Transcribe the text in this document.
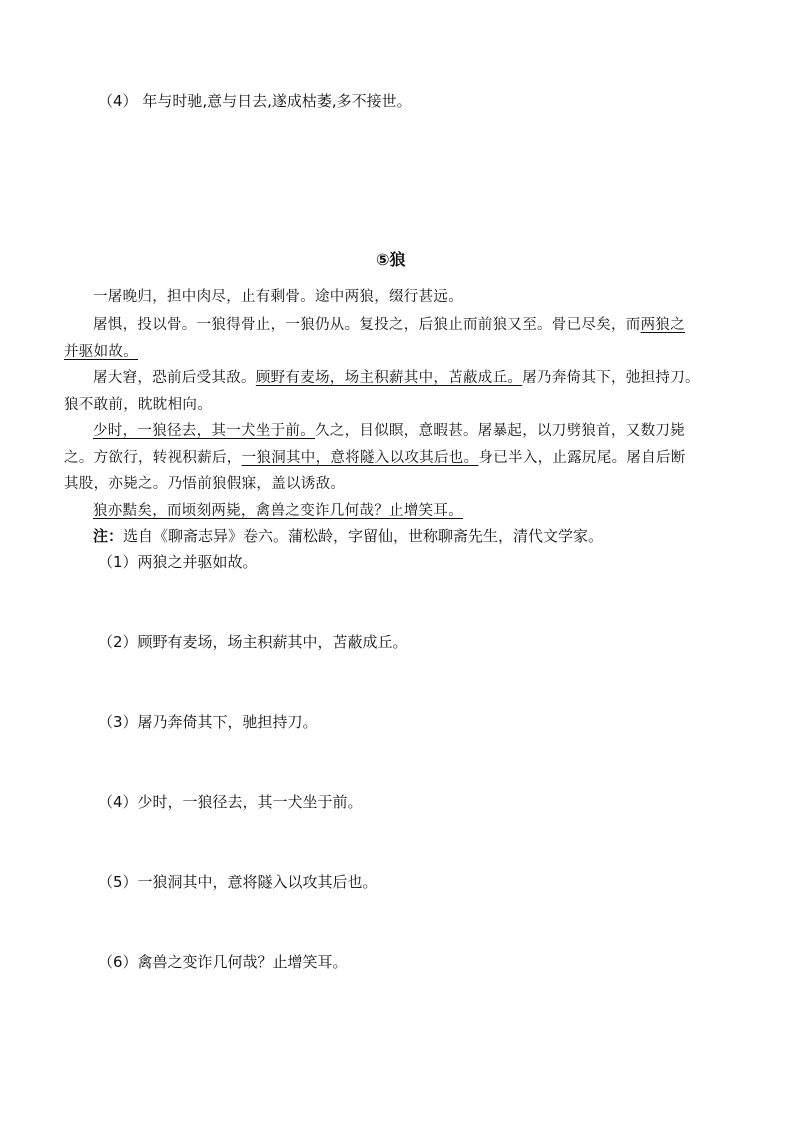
（4） 年与时驰,意与日去,遂成枯萎,多不接世。
⑤狼
一屠晚归，担中肉尽，止有剩骨。途中两狼，缀行甚远。
屠惧，投以骨。一狼得骨止，一狼仍从。复投之，后狼止而前狼又至。骨已尽矣，而两狼之
并驱如故。
屠大窘，恐前后受其敌。顾野有麦场，场主积薪其中，苫蔽成丘。屠乃奔倚其下，弛担持刀。
狼不敢前，眈眈相向。
少时，一狼径去，其一犬坐于前。久之，目似瞑，意暇甚。屠暴起，以刀劈狼首，又数刀毙
之。方欲行，转视积薪后，一狼洞其中，意将隧入以攻其后也。身已半入，止露尻尾。屠自后断
其股，亦毙之。乃悟前狼假寐，盖以诱敌。
狼亦黠矣，而顷刻两毙，禽兽之变诈几何哉？止增笑耳。
注：选自《聊斋志异》卷六。蒲松龄，字留仙，世称聊斋先生，清代文学家。
（1）两狼之并驱如故。
（2）顾野有麦场，场主积薪其中，苫蔽成丘。
（3）屠乃奔倚其下，驰担持刀。
（4）少时，一狼径去，其一犬坐于前。
（5）一狼洞其中，意将隧入以攻其后也。
（6）禽兽之变诈几何哉？止增笑耳。
